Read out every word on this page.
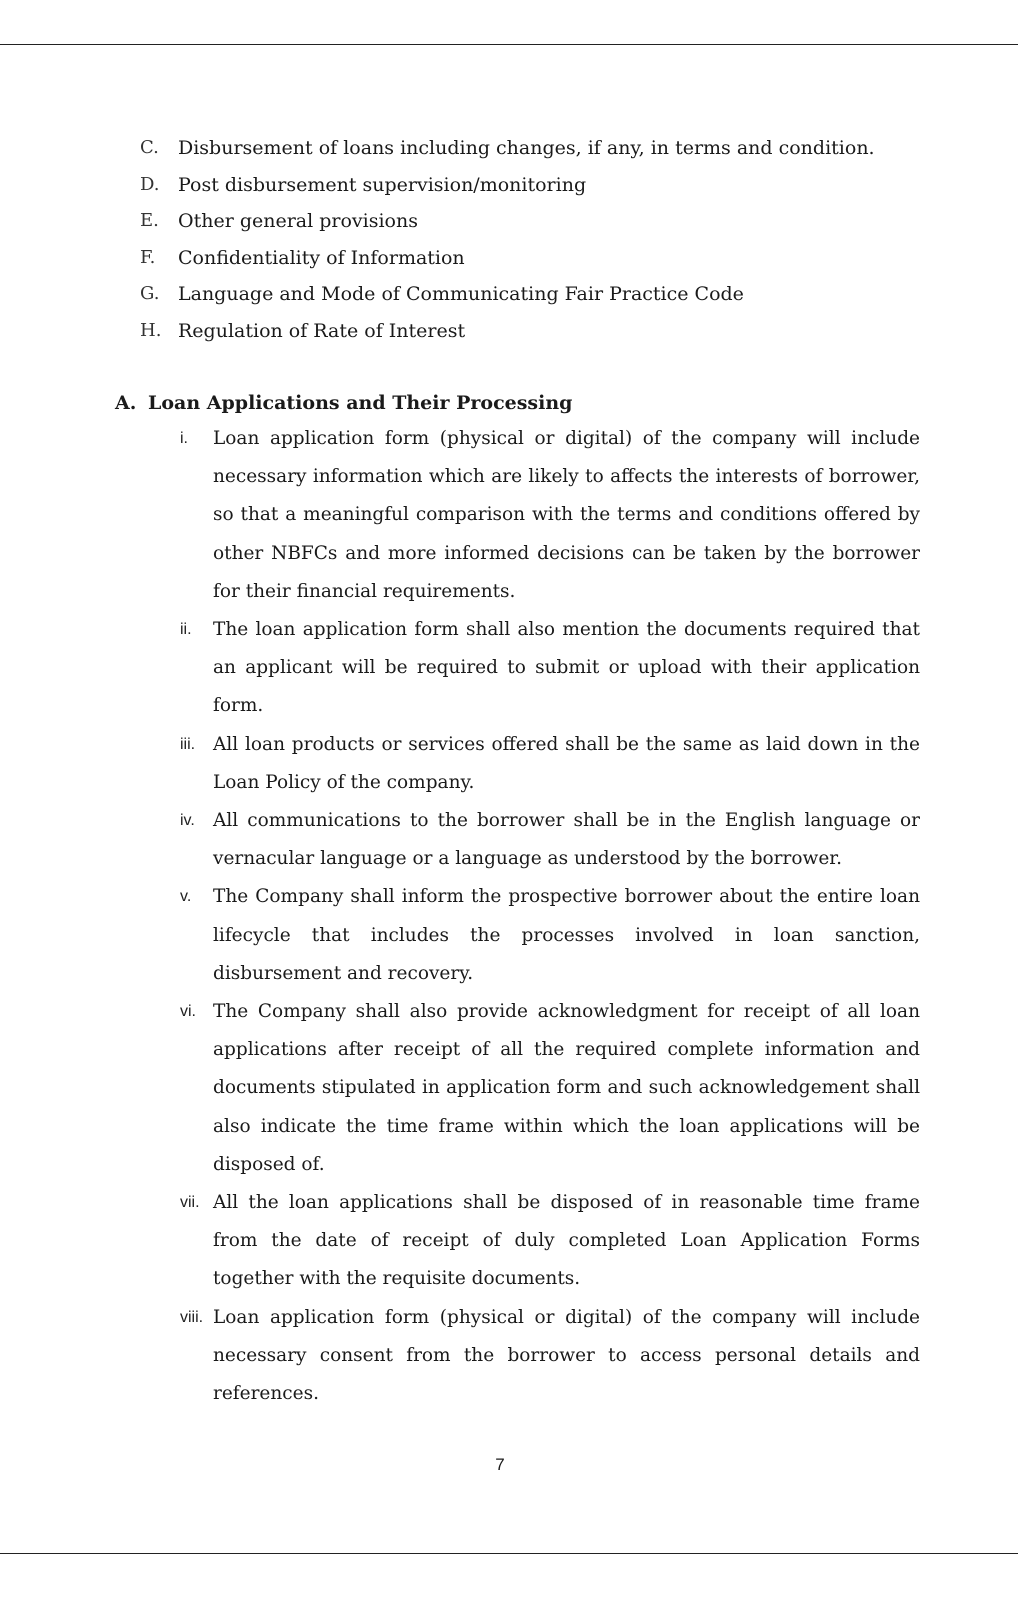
C.	Disbursement of loans including changes, if any, in terms and condition.
D. Post disbursement supervision/monitoring
E.	Other general provisions
F.	Confidentiality of Information
G. Language and Mode of Communicating Fair Practice Code
H. Regulation of Rate of Interest
A. Loan Applications and Their Processing
i.	Loan application form (physical or digital) of the company will include necessary information which are likely to affects the interests of borrower, so that a meaningful comparison with the terms and conditions offered by other NBFCs and more informed decisions can be taken by the borrower for their financial requirements.
ii.	The loan application form shall also mention the documents required that an applicant will be required to submit or upload with their application form.
iii. All loan products or services offered shall be the same as laid down in the Loan Policy of the company.
iv. All communications to the borrower shall be in the English language or vernacular language or a language as understood by the borrower.
v.	The Company shall inform the prospective borrower about the entire loan lifecycle that includes the processes involved in loan sanction, disbursement and recovery.
vi. The Company shall also provide acknowledgment for receipt of all loan applications after receipt of all the required complete information and documents stipulated in application form and such acknowledgement shall also indicate the time frame within which the loan applications will be disposed of.
vii. All the loan applications shall be disposed of in reasonable time frame from the date of receipt of duly completed Loan Application Forms together with the requisite documents.
viii. Loan application form (physical or digital) of the company will include necessary consent from the borrower to access personal details and references.
7
